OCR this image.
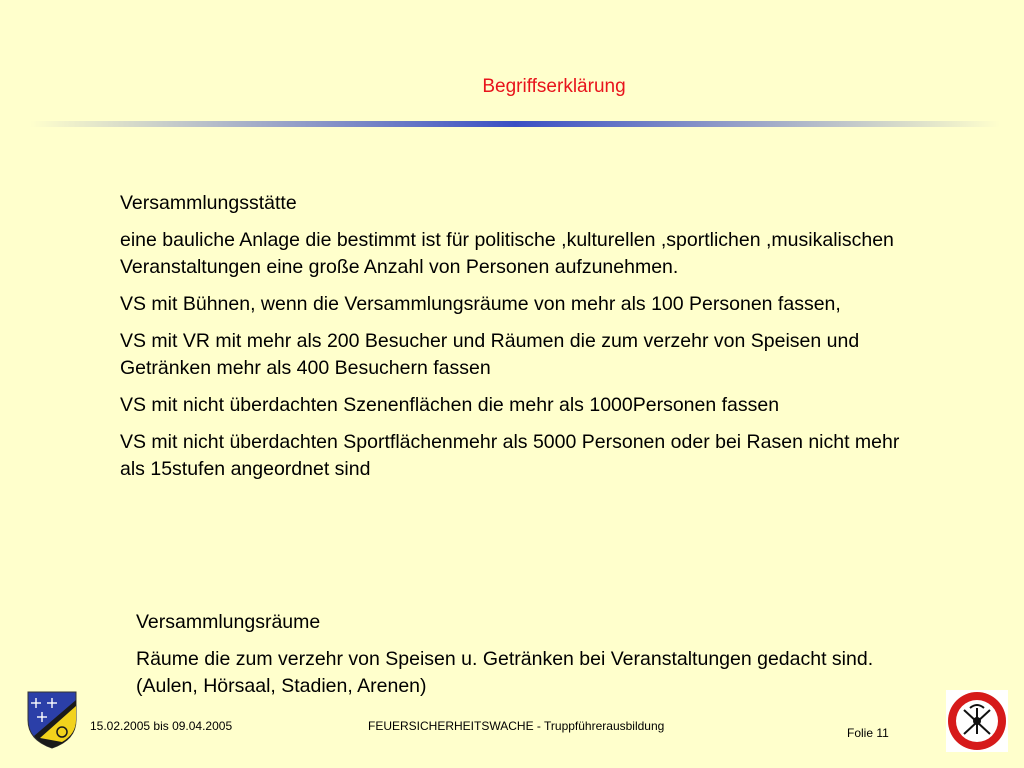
Begriffserklärung

Versammlungsstätte

eine bauliche Anlage die bestimmt ist für politische ,kulturellen ,sportlichen ,musikalischen Veranstaltungen eine große Anzahl von Personen aufzunehmen.

VS mit Bühnen, wenn die Versammlungsräume von mehr als 100 Personen fassen,

VS mit VR mit mehr als 200 Besucher und Räumen die zum verzehr von Speisen und Getränken mehr als 400 Besuchern fassen

VS mit nicht überdachten Szenenflächen die mehr als 1000Personen fassen

VS mit nicht überdachten Sportflächenmehr als 5000 Personen oder bei Rasen nicht mehr als 15stufen angeordnet sind

Versammlungsräume

Räume die zum verzehr von Speisen u. Getränken bei Veranstaltungen gedacht sind. (Aulen, Hörsaal, Stadien, Arenen)

15.02.2005 bis 09.04.2005	FEUERSICHERHEITSWACHE - Truppführerausbildung	Folie 11
